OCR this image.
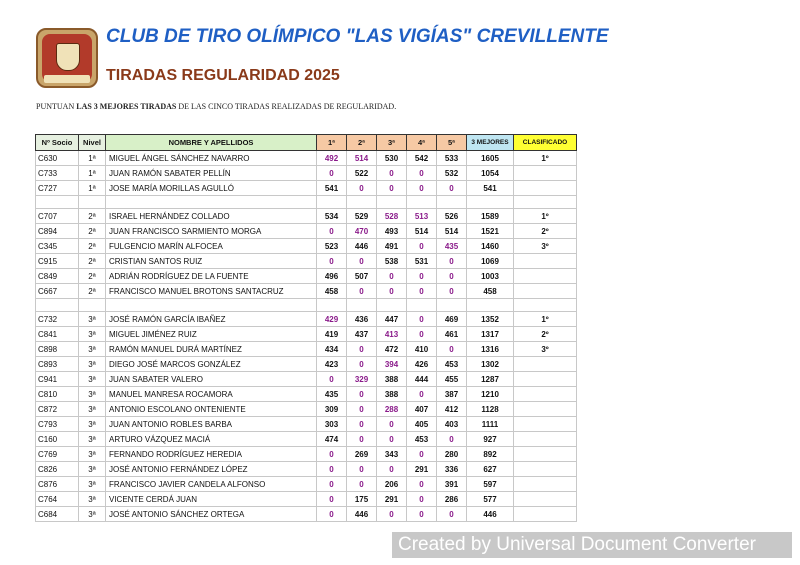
CLUB DE TIRO OLÍMPICO "LAS VIGÍAS" CREVILLENTE
TIRADAS REGULARIDAD 2025
PUNTUAN LAS 3 MEJORES TIRADAS DE LAS CINCO TIRADAS REALIZADAS DE REGULARIDAD.
Nº Socio	Nivel	NOMBRE Y APELLIDOS	1ª	2ª	3ª	4ª	5ª	3 MEJORES	CLASIFICADO
C630	1ª	MIGUEL ÁNGEL SÁNCHEZ NAVARRO	492	514	530	542	533	1605	1º
C733	1ª	JUAN RAMÓN SABATER PELLÍN	0	522	0	0	532	1054	
C727	1ª	JOSE MARÍA MORILLAS AGULLÓ	541	0	0	0	0	541	

C707	2ª	ISRAEL HERNÁNDEZ COLLADO	534	529	528	513	526	1589	1º
C894	2ª	JUAN FRANCISCO SARMIENTO MORGA	0	470	493	514	514	1521	2º
C345	2ª	FULGENCIO MARÍN ALFOCEA	523	446	491	0	435	1460	3º
C915	2ª	CRISTIAN SANTOS RUIZ	0	0	538	531	0	1069	
C849	2ª	ADRIÁN RODRÍGUEZ DE LA FUENTE	496	507	0	0	0	1003	
C667	2ª	FRANCISCO MANUEL BROTONS SANTACRUZ	458	0	0	0	0	458	

C732	3ª	JOSÉ RAMÓN GARCÍA IBAÑEZ	429	436	447	0	469	1352	1º
C841	3ª	MIGUEL JIMÉNEZ RUIZ	419	437	413	0	461	1317	2º
C898	3ª	RAMÓN MANUEL DURÁ MARTÍNEZ	434	0	472	410	0	1316	3º
C893	3ª	DIEGO JOSÉ MARCOS GONZÁLEZ	423	0	394	426	453	1302	
C941	3ª	JUAN SABATER VALERO	0	329	388	444	455	1287	
C810	3ª	MANUEL MANRESA ROCAMORA	435	0	388	0	387	1210	
C872	3ª	ANTONIO ESCOLANO ONTENIENTE	309	0	288	407	412	1128	
C793	3ª	JUAN ANTONIO ROBLES BARBA	303	0	0	405	403	1111	
C160	3ª	ARTURO VÁZQUEZ MACIÁ	474	0	0	453	0	927	
C769	3ª	FERNANDO RODRÍGUEZ HEREDIA	0	269	343	0	280	892	
C826	3ª	JOSÉ ANTONIO FERNÁNDEZ LÓPEZ	0	0	0	291	336	627	
C876	3ª	FRANCISCO JAVIER CANDELA ALFONSO	0	0	206	0	391	597	
C764	3ª	VICENTE CERDÁ JUAN	0	175	291	0	286	577	
C684	3ª	JOSÉ ANTONIO SÁNCHEZ ORTEGA	0	446	0	0	0	446	
Created by Universal Document Converter
